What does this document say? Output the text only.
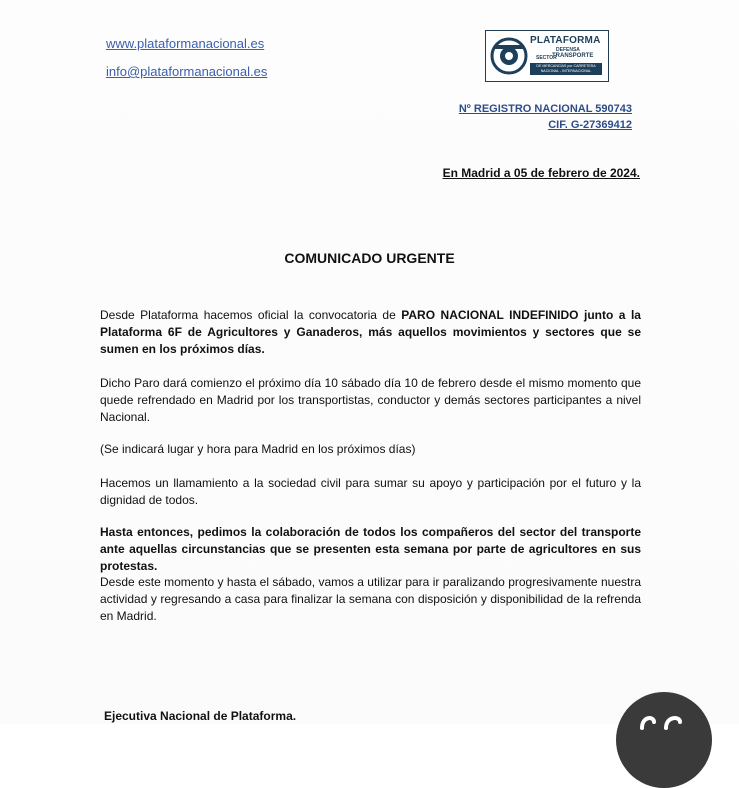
www.plataformanacional.es
info@plataformanacional.es
PLATAFORMA
DEFENSA
SECTOR
TRANSPORTE
DE MERCANCÍAS por CARRETERA
NACIONAL - INTERNACIONAL
Nº REGISTRO NACIONAL 590743
CIF. G-27369412
En Madrid a 05 de febrero de 2024.
COMUNICADO URGENTE

Desde Plataforma hacemos oficial la convocatoria de PARO NACIONAL INDEFINIDO junto a la Plataforma 6F de Agricultores y Ganaderos, más aquellos movimientos y sectores que se sumen en los próximos días.

Dicho Paro dará comienzo el próximo día 10 sábado día 10 de febrero desde el mismo momento que quede refrendado en Madrid por los transportistas, conductor y demás sectores participantes a nivel Nacional.

(Se indicará lugar y hora para Madrid en los próximos días)

Hacemos un llamamiento a la sociedad civil para sumar su apoyo y participación por el futuro y la dignidad de todos.

Hasta entonces, pedimos la colaboración de todos los compañeros del sector del transporte ante aquellas circunstancias que se presenten esta semana por parte de agricultores en sus protestas.

Desde este momento y hasta el sábado, vamos a utilizar para ir paralizando progresivamente nuestra actividad y regresando a casa para finalizar la semana con disposición y disponibilidad de la refrenda en Madrid.

Ejecutiva Nacional de Plataforma.
